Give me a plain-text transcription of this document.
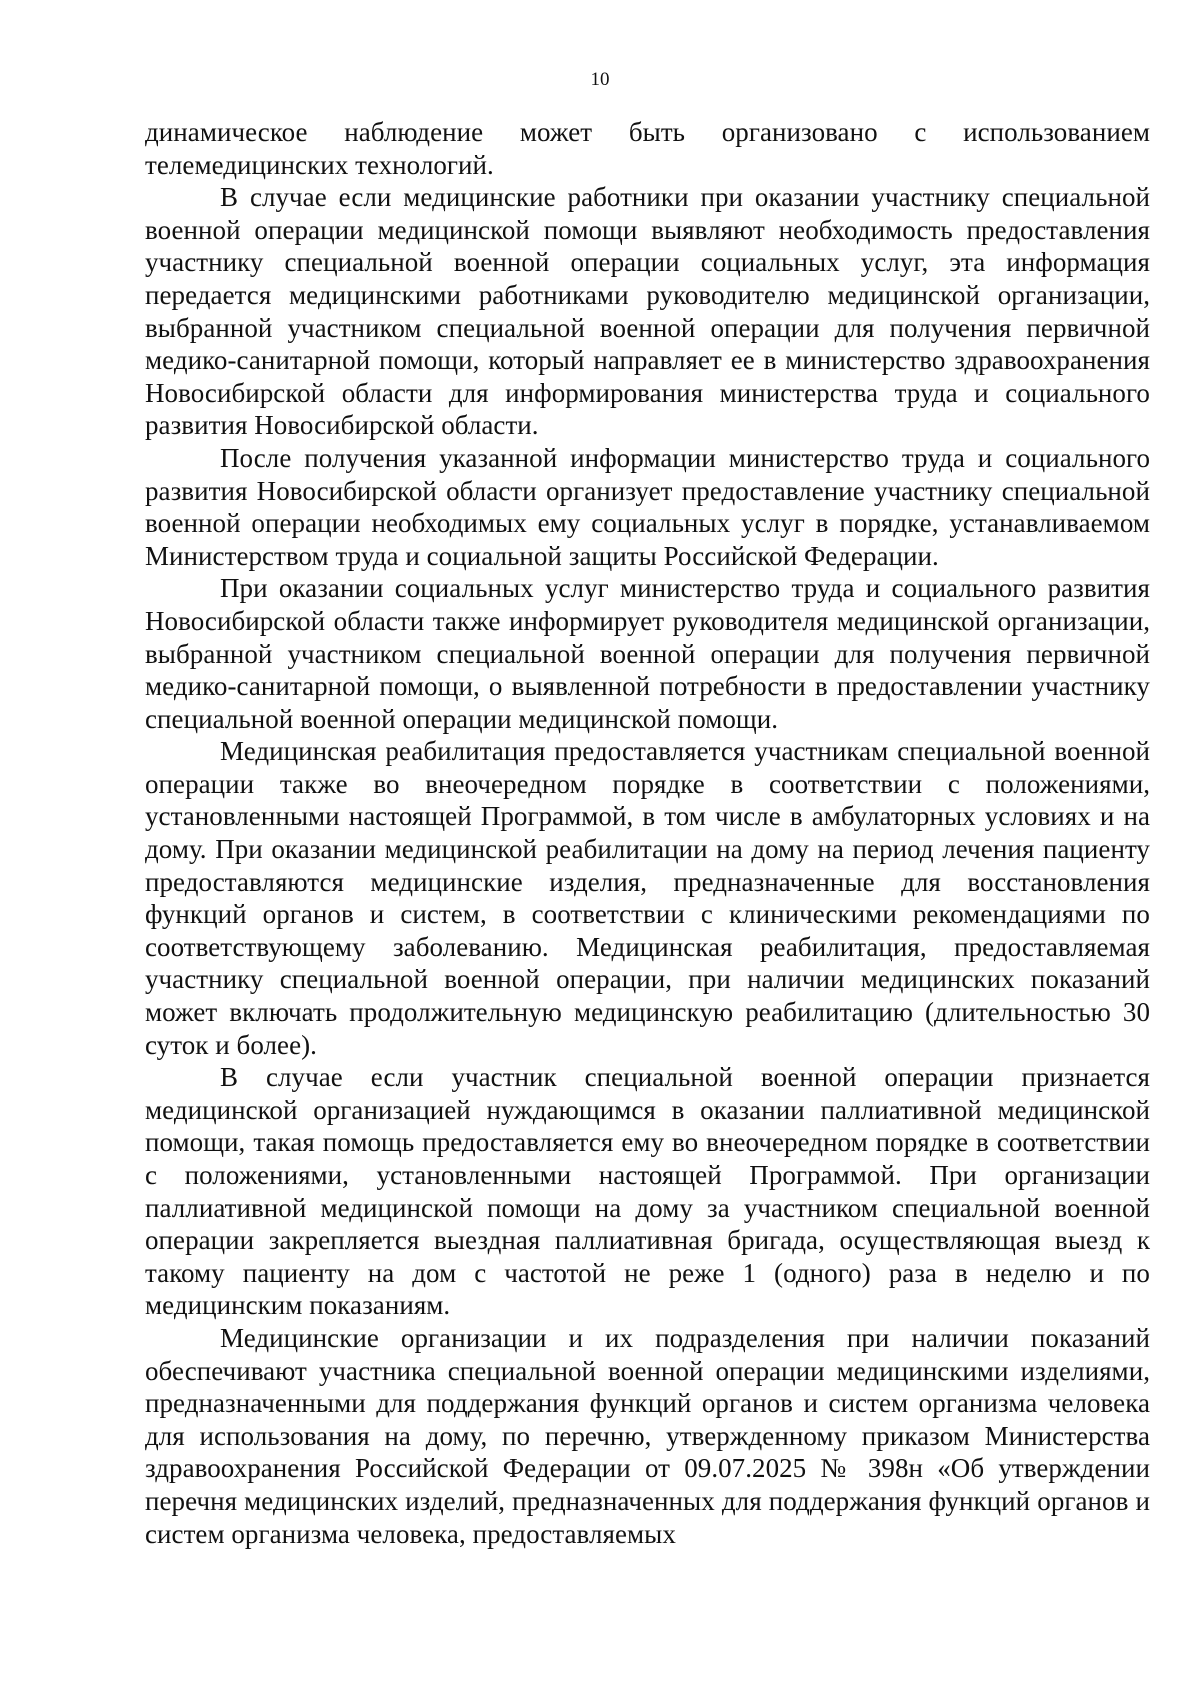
10

динамическое наблюдение может быть организовано с использованием телемедицинских технологий.

В случае если медицинские работники при оказании участнику специальной военной операции медицинской помощи выявляют необходимость предоставления участнику специальной военной операции социальных услуг, эта информация передается медицинскими работниками руководителю медицинской организации, выбранной участником специальной военной операции для получения первичной медико-санитарной помощи, который направляет ее в министерство здравоохранения Новосибирской области для информирования министерства труда и социального развития Новосибирской области.

После получения указанной информации министерство труда и социального развития Новосибирской области организует предоставление участнику специальной военной операции необходимых ему социальных услуг в порядке, устанавливаемом Министерством труда и социальной защиты Российской Федерации.

При оказании социальных услуг министерство труда и социального развития Новосибирской области также информирует руководителя медицинской организации, выбранной участником специальной военной операции для получения первичной медико-санитарной помощи, о выявленной потребности в предоставлении участнику специальной военной операции медицинской помощи.

Медицинская реабилитация предоставляется участникам специальной военной операции также во внеочередном порядке в соответствии с положениями, установленными настоящей Программой, в том числе в амбулаторных условиях и на дому. При оказании медицинской реабилитации на дому на период лечения пациенту предоставляются медицинские изделия, предназначенные для восстановления функций органов и систем, в соответствии с клиническими рекомендациями по соответствующему заболеванию. Медицинская реабилитация, предоставляемая участнику специальной военной операции, при наличии медицинских показаний может включать продолжительную медицинскую реабилитацию (длительностью 30 суток и более).

В случае если участник специальной военной операции признается медицинской организацией нуждающимся в оказании паллиативной медицинской помощи, такая помощь предоставляется ему во внеочередном порядке в соответствии с положениями, установленными настоящей Программой. При организации паллиативной медицинской помощи на дому за участником специальной военной операции закрепляется выездная паллиативная бригада, осуществляющая выезд к такому пациенту на дом с частотой не реже 1 (одного) раза в неделю и по медицинским показаниям.

Медицинские организации и их подразделения при наличии показаний обеспечивают участника специальной военной операции медицинскими изделиями, предназначенными для поддержания функций органов и систем организма человека для использования на дому, по перечню, утвержденному приказом Министерства здравоохранения Российской Федерации от 09.07.2025 № 398н «Об утверждении перечня медицинских изделий, предназначенных для поддержания функций органов и систем организма человека, предоставляемых
